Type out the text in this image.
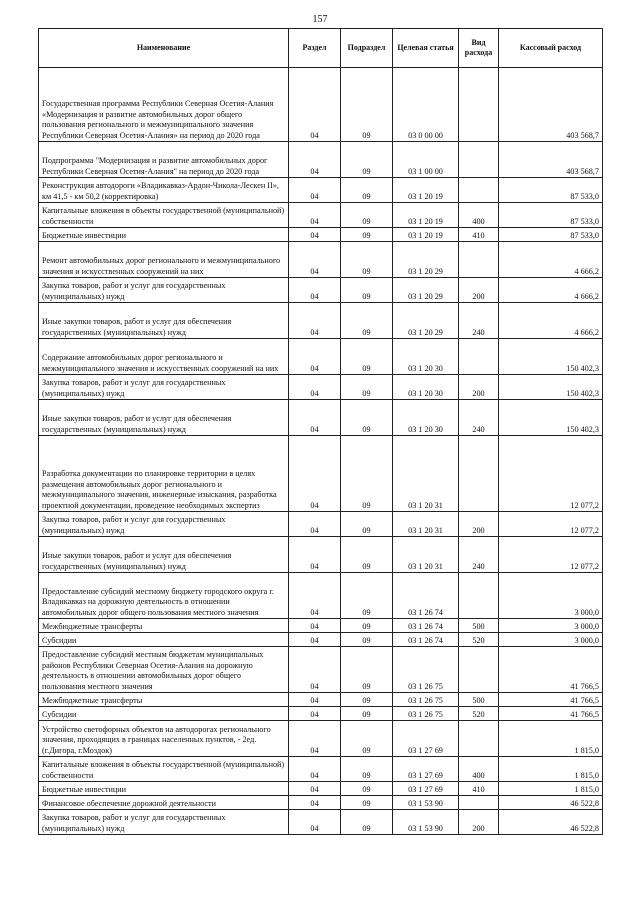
157
Наименование	Раздел	Подраздел	Целевая статья	Вид расхода	Кассовый расход
Государственная программа Республики Северная Осетия-Алания «Модернизация и развитие автомобильных дорог общего пользования регионального и межмуниципального значения Республики Северная Осетия-Алания» на период до 2020 года	04	09	03 0 00 00		403 568,7
Подпрограмма "Модернизация и развитие автомобильных дорог Республики Северная Осетия-Алания" на период до 2020 года	04	09	03 1 00 00		403 568,7
Реконструкция автодороги «Владикавказ-Ардон-Чикола-Лескен II», км 41,5 - км 50,2 (корректировка)	04	09	03 1 20 19		87 533,0
Капитальные вложения в объекты государственной (муниципальной) собственности	04	09	03 1 20 19	400	87 533,0
Бюджетные инвестиции	04	09	03 1 20 19	410	87 533,0
Ремонт автомобильных дорог регионального и межмуниципального значения и искусственных сооружений на них	04	09	03 1 20 29		4 666,2
Закупка товаров, работ и услуг для государственных (муниципальных) нужд	04	09	03 1 20 29	200	4 666,2
Иные закупки товаров, работ и услуг для обеспечения государственных (муниципальных) нужд	04	09	03 1 20 29	240	4 666,2
Содержание автомобильных дорог регионального и межмуниципального значения и искусственных сооружений на них	04	09	03 1 20 30		150 402,3
Закупка товаров, работ и услуг для государственных (муниципальных) нужд	04	09	03 1 20 30	200	150 402,3
Иные закупки товаров, работ и услуг для обеспечения государственных (муниципальных) нужд	04	09	03 1 20 30	240	150 402,3
Разработка документации по планировке территории в целях размещения автомобильных дорог регионального и межмуниципального значения, инженерные изыскания, разработка проектной документации, проведение необходимых экспертиз	04	09	03 1 20 31		12 077,2
Закупка товаров, работ и услуг для государственных (муниципальных) нужд	04	09	03 1 20 31	200	12 077,2
Иные закупки товаров, работ и услуг для обеспечения государственных (муниципальных) нужд	04	09	03 1 20 31	240	12 077,2
Предоставление субсидий местному бюджету городского округа г. Владикавказ на дорожную деятельность в отношении автомобильных дорог общего пользования местного значения	04	09	03 1 26 74		3 000,0
Межбюджетные трансферты	04	09	03 1 26 74	500	3 000,0
Субсидии	04	09	03 1 26 74	520	3 000,0
Предоставление субсидий местным бюджетам муниципальных районов Республики Северная Осетия-Алания на дорожную деятельность в отношении автомобильных дорог общего пользования местного значения	04	09	03 1 26 75		41 766,5
Межбюджетные трансферты	04	09	03 1 26 75	500	41 766,5
Субсидии	04	09	03 1 26 75	520	41 766,5
Устройство светофорных объектов на автодорогах регионального значения, проходящих в границах населенных пунктов, - 2ед. (г.Дигора, г.Моздок)	04	09	03 1 27 69		1 815,0
Капитальные вложения в объекты государственной (муниципальной) собственности	04	09	03 1 27 69	400	1 815,0
Бюджетные инвестиции	04	09	03 1 27 69	410	1 815,0
Финансовое обеспечение дорожной деятельности	04	09	03 1 53 90		46 522,8
Закупка товаров, работ и услуг для государственных (муниципальных) нужд	04	09	03 1 53 90	200	46 522,8
